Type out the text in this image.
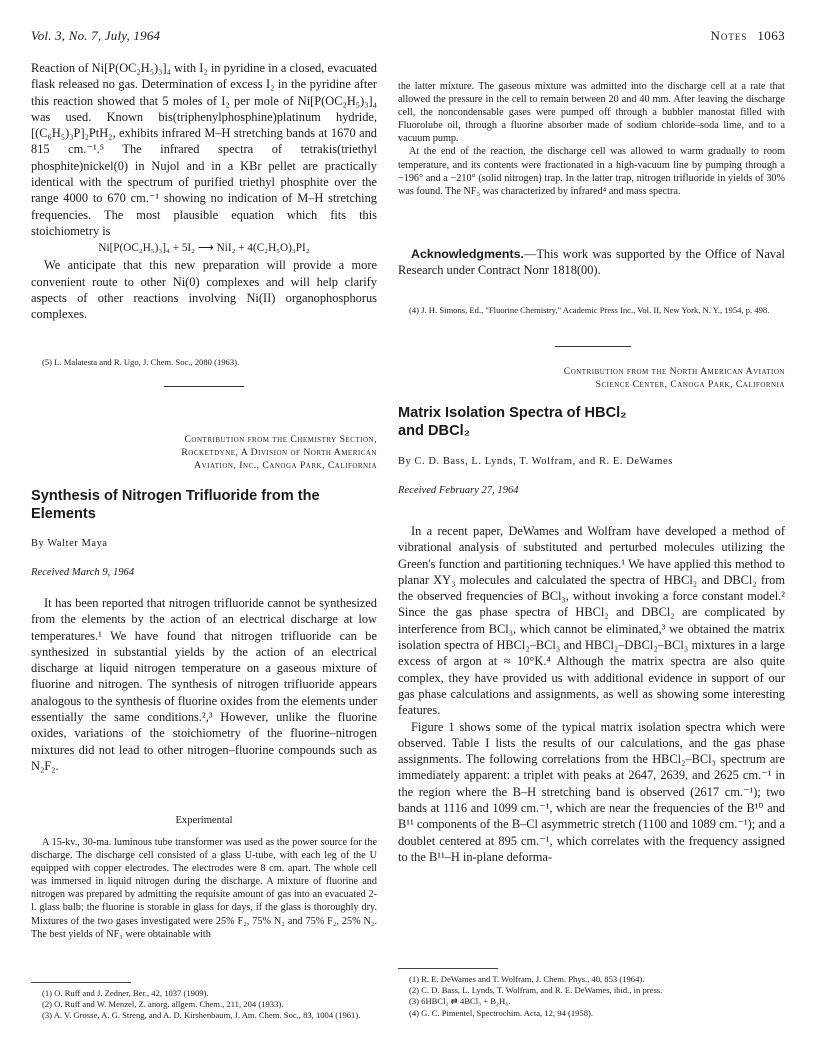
Vol. 3, No. 7, July, 1964	Notes 1063

Reaction of Ni[P(OC₂H₅)₃]₄ with I₂ in pyridine in a closed, evacuated flask released no gas. Determination of excess I₂ in the pyridine after this reaction showed that 5 moles of I₂ per mole of Ni[P(OC₂H₅)₃]₄ was used. Known bis(triphenylphosphine)platinum hydride, [(C₆H₅)₃P]₂PtH₂, exhibits infrared M–H stretching bands at 1670 and 815 cm.⁻¹.⁵ The infrared spectra of tetrakis(triethyl phosphite)nickel(0) in Nujol and in a KBr pellet are practically identical with the spectrum of purified triethyl phosphite over the range 4000 to 670 cm.⁻¹ showing no indication of M–H stretching frequencies. The most plausible equation which fits this stoichiometry is

Ni[P(OC₂H₅)₃]₄ + 5I₂ ⟶ NiI₂ + 4(C₂H₅O)₃PI₂

We anticipate that this new preparation will provide a more convenient route to other Ni(0) complexes and will help clarify aspects of other reactions involving Ni(II) organophosphorus complexes.

(5) L. Malatesta and R. Ugo, J. Chem. Soc., 2080 (1963).

Contribution from the Chemistry Section,
Rocketdyne, A Division of North American
Aviation, Inc., Canoga Park, California
Synthesis of Nitrogen Trifluoride from the Elements

By Walter Maya

Received March 9, 1964

It has been reported that nitrogen trifluoride cannot be synthesized from the elements by the action of an electrical discharge at low temperatures.¹ We have found that nitrogen trifluoride can be synthesized in substantial yields by the action of an electrical discharge at liquid nitrogen temperature on a gaseous mixture of fluorine and nitrogen. The synthesis of nitrogen trifluoride appears analogous to the synthesis of fluorine oxides from the elements under essentially the same conditions.²,³ However, unlike the fluorine oxides, variations of the stoichiometry of the fluorine–nitrogen mixtures did not lead to other nitrogen–fluorine compounds such as N₂F₂.

Experimental

A 15-kv., 30-ma. luminous tube transformer was used as the power source for the discharge. The discharge cell consisted of a glass U-tube, with each leg of the U equipped with copper electrodes. The electrodes were 8 cm. apart. The whole cell was immersed in liquid nitrogen during the discharge. A mixture of fluorine and nitrogen was prepared by admitting the requisite amount of gas into an evacuated 2-l. glass bulb; the fluorine is storable in glass for days, if the glass is thoroughly dry. Mixtures of the two gases investigated were 25% F₂, 75% N₂ and 75% F₂, 25% N₂. The best yields of NF₃ were obtainable with

(1) O. Ruff and J. Zedner, Ber., 42, 1037 (1909).

(2) O. Ruff and W. Menzel, Z. anorg. allgem. Chem., 211, 204 (1933).

(3) A. V. Grosse, A. G. Streng, and A. D. Kirshenbaum, J. Am. Chem. Soc., 83, 1004 (1961).

the latter mixture. The gaseous mixture was admitted into the discharge cell at a rate that allowed the pressure in the cell to remain between 20 and 40 mm. After leaving the discharge cell, the noncondensable gases were pumped off through a bubbler manostat filled with Fluorolube oil, through a fluorine absorber made of sodium chloride–soda lime, and to a vacuum pump.

At the end of the reaction, the discharge cell was allowed to warm gradually to room temperature, and its contents were fractionated in a high-vacuum line by pumping through a −196° and a −210° (solid nitrogen) trap. In the latter trap, nitrogen trifluoride in yields of 30% was found. The NF₃ was characterized by infrared⁴ and mass spectra.

Acknowledgments.—This work was supported by the Office of Naval Research under Contract Nonr 1818(00).

(4) J. H. Simons, Ed., "Fluorine Chemistry," Academic Press Inc., Vol. II, New York, N. Y., 1954, p. 498.

Contribution from the North American Aviation
Science Center, Canoga Park, California
Matrix Isolation Spectra of HBCl₂ and DBCl₂

By C. D. Bass, L. Lynds, T. Wolfram, and R. E. DeWames

Received February 27, 1964

In a recent paper, DeWames and Wolfram have developed a method of vibrational analysis of substituted and perturbed molecules utilizing the Green's function and partitioning techniques.¹ We have applied this method to planar XY₃ molecules and calculated the spectra of HBCl₂ and DBCl₂ from the observed frequencies of BCl₃, without invoking a force constant model.² Since the gas phase spectra of HBCl₂ and DBCl₂ are complicated by interference from BCl₃, which cannot be eliminated,³ we obtained the matrix isolation spectra of HBCl₂–BCl₃ and HBCl₂–DBCl₂–BCl₃ mixtures in a large excess of argon at ≈ 10°K.⁴ Although the matrix spectra are also quite complex, they have provided us with additional evidence in support of our gas phase calculations and assignments, as well as showing some interesting features.

Figure 1 shows some of the typical matrix isolation spectra which were observed. Table I lists the results of our calculations, and the gas phase assignments. The following correlations from the HBCl₂–BCl₃ spectrum are immediately apparent: a triplet with peaks at 2647, 2639, and 2625 cm.⁻¹ in the region where the B–H stretching band is observed (2617 cm.⁻¹); two bands at 1116 and 1099 cm.⁻¹, which are near the frequencies of the B¹⁰ and B¹¹ components of the B–Cl asymmetric stretch (1100 and 1089 cm.⁻¹); and a doublet centered at 895 cm.⁻¹, which correlates with the frequency assigned to the B¹¹–H in-plane deforma-

(1) R. E. DeWames and T. Wolfram, J. Chem. Phys., 40, 853 (1964).

(2) C. D. Bass, L. Lynds, T. Wolfram, and R. E. DeWames, ibid., in press.

(3) 6HBCl₂ ⇄ 4BCl₃ + B₂H₆.

(4) G. C. Pimentel, Spectrochim. Acta, 12, 94 (1958).
